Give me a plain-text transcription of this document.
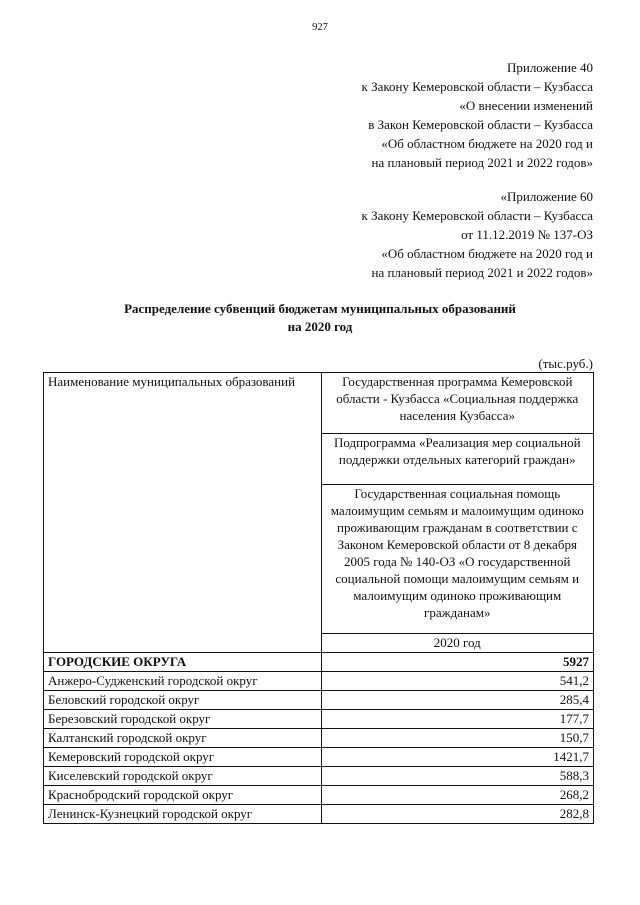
927
Приложение 40
к Закону Кемеровской области – Кузбасса
«О внесении изменений
в Закон Кемеровской области – Кузбасса
«Об областном бюджете на 2020 год и
на плановый период 2021 и 2022 годов»
«Приложение 60
к Закону Кемеровской области – Кузбасса
от 11.12.2019 № 137-ОЗ
«Об областном бюджете на 2020 год и
на плановый период 2021 и 2022 годов»
Распределение субвенций бюджетам муниципальных образований
на 2020 год
(тыс.руб.)
Наименование муниципальных образований	Государственная программа Кемеровской области - Кузбасса «Социальная поддержка населения Кузбасса»
	Подпрограмма «Реализация мер социальной поддержки отдельных категорий граждан»
	Государственная социальная помощь малоимущим семьям и малоимущим одиноко проживающим гражданам в соответствии с Законом Кемеровской области от 8 декабря 2005 года № 140-ОЗ «О государственной социальной помощи малоимущим семьям и малоимущим одиноко проживающим гражданам»
	2020 год
ГОРОДСКИЕ ОКРУГА	5927
Анжеро-Судженский городской округ	541,2
Беловский городской округ	285,4
Березовский городской округ	177,7
Калтанский городской округ	150,7
Кемеровский городской округ	1421,7
Киселевский городской округ	588,3
Краснобродский городской округ	268,2
Ленинск-Кузнецкий городской округ	282,8
